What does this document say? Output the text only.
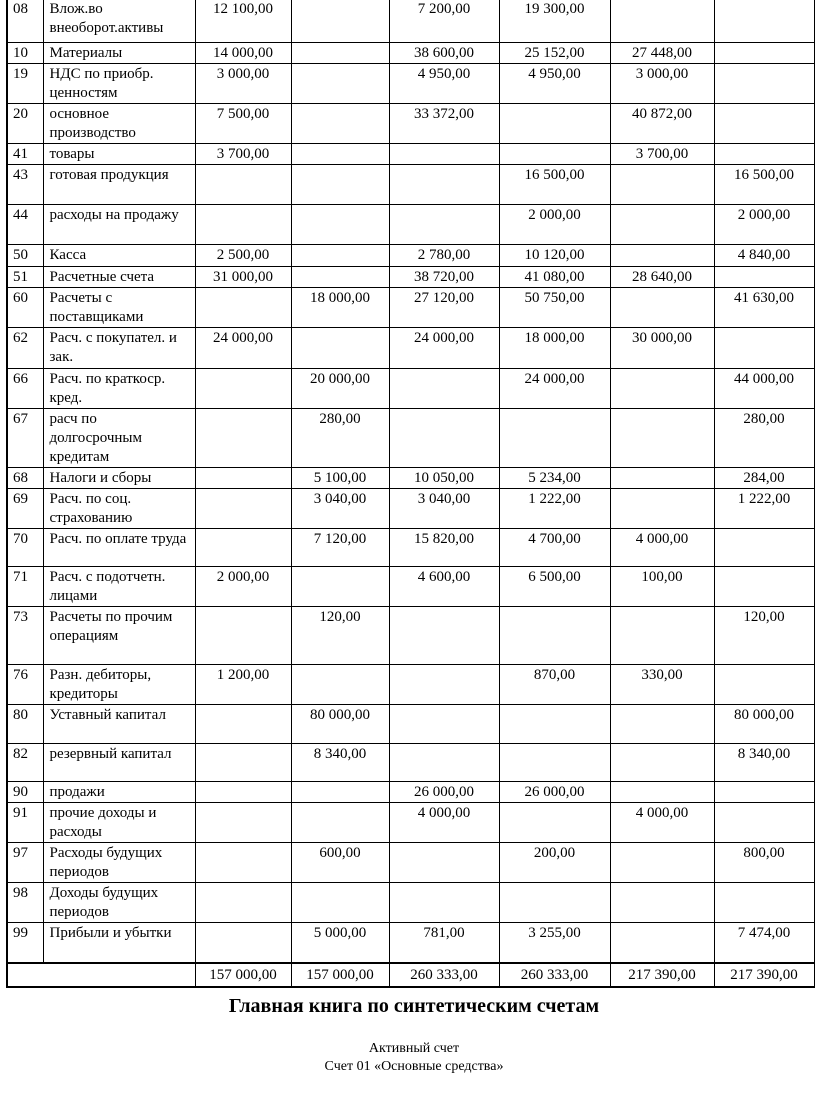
08	Влож.во внеоборот.активы	12 100,00		7 200,00	19 300,00		
10	Материалы	14 000,00		38 600,00	25 152,00	27 448,00	
19	НДС по приобр. ценностям	3 000,00		4 950,00	4 950,00	3 000,00	
20	основное производство	7 500,00		33 372,00		40 872,00	
41	товары	3 700,00				3 700,00	
43	готовая продукция				16 500,00		16 500,00
44	расходы на продажу				2 000,00		2 000,00
50	Касса	2 500,00		2 780,00	10 120,00		4 840,00
51	Расчетные счета	31 000,00		38 720,00	41 080,00	28 640,00	
60	Расчеты с поставщиками		18 000,00	27 120,00	50 750,00		41 630,00
62	Расч. с покупател. и зак.	24 000,00		24 000,00	18 000,00	30 000,00	
66	Расч. по краткоср. кред.		20 000,00		24 000,00		44 000,00
67	расч по долгосрочным кредитам		280,00				280,00
68	Налоги и сборы		5 100,00	10 050,00	5 234,00		284,00
69	Расч. по соц. страхованию		3 040,00	3 040,00	1 222,00		1 222,00
70	Расч. по оплате труда		7 120,00	15 820,00	4 700,00	4 000,00	
71	Расч. с подотчетн. лицами	2 000,00		4 600,00	6 500,00	100,00	
73	Расчеты по прочим операциям		120,00				120,00
76	Разн. дебиторы, кредиторы	1 200,00			870,00	330,00	
80	Уставный капитал		80 000,00				80 000,00
82	резервный капитал		8 340,00				8 340,00
90	продажи			26 000,00	26 000,00		
91	прочие доходы и расходы			4 000,00		4 000,00	
97	Расходы будущих периодов		600,00		200,00		800,00
98	Доходы будущих периодов						
99	Прибыли и убытки		5 000,00	781,00	3 255,00		7 474,00
		157 000,00	157 000,00	260 333,00	260 333,00	217 390,00	217 390,00
Главная книга по синтетическим счетам
Активный счет
Счет 01 «Основные средства»
